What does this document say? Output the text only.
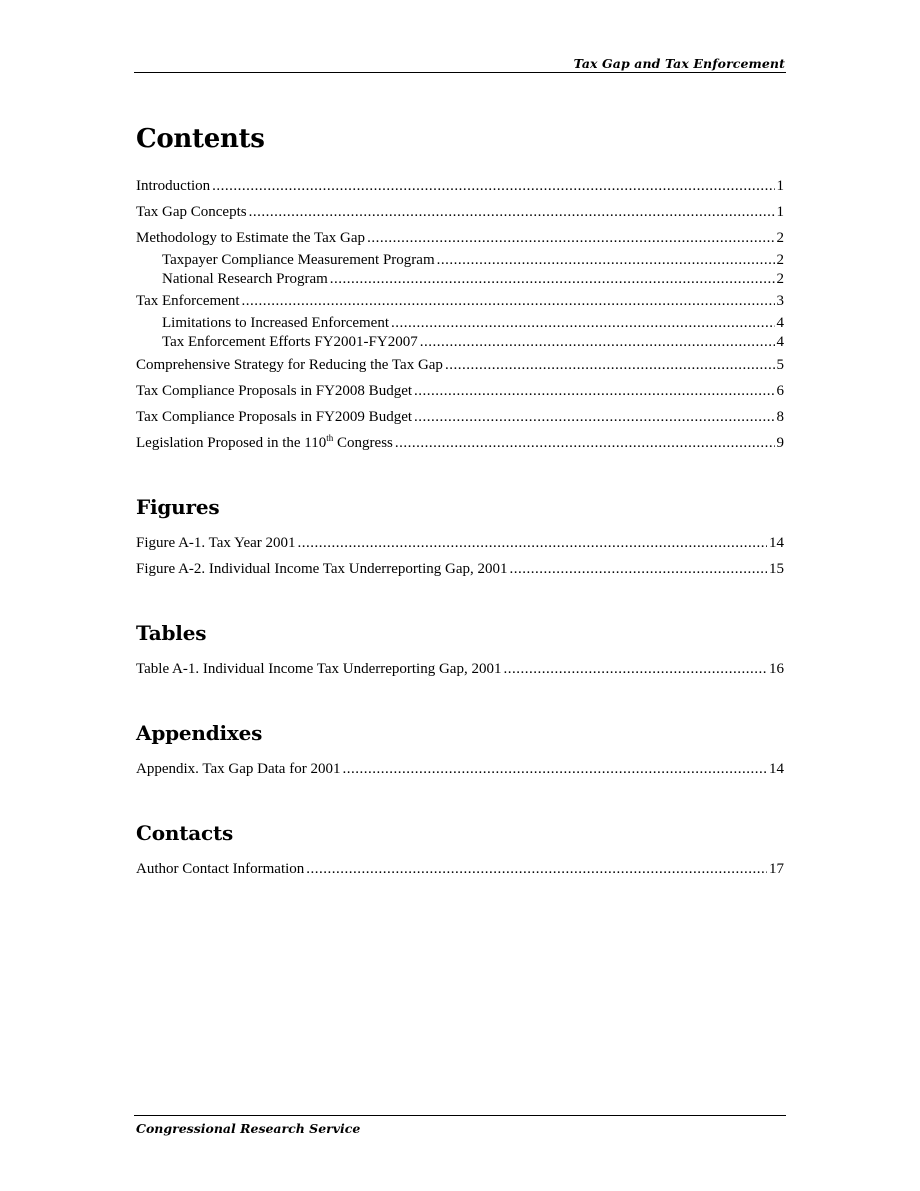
Tax Gap and Tax Enforcement
Contents
Introduction .....	1
Tax Gap Concepts .....	1
Methodology to Estimate the Tax Gap .....	2
Taxpayer Compliance Measurement Program .....	2
National Research Program .....	2
Tax Enforcement .....	3
Limitations to Increased Enforcement .....	4
Tax Enforcement Efforts FY2001-FY2007 .....	4
Comprehensive Strategy for Reducing the Tax Gap .....	5
Tax Compliance Proposals in FY2008 Budget .....	6
Tax Compliance Proposals in FY2009 Budget .....	8
Legislation Proposed in the 110th Congress .....	9
Figures
Figure A-1. Tax Year 2001 .....	14
Figure A-2. Individual Income Tax Underreporting Gap, 2001 .....	15
Tables
Table A-1. Individual Income Tax Underreporting Gap, 2001 .....	16
Appendixes
Appendix. Tax Gap Data for 2001 .....	14
Contacts
Author Contact Information .....	17
Congressional Research Service
